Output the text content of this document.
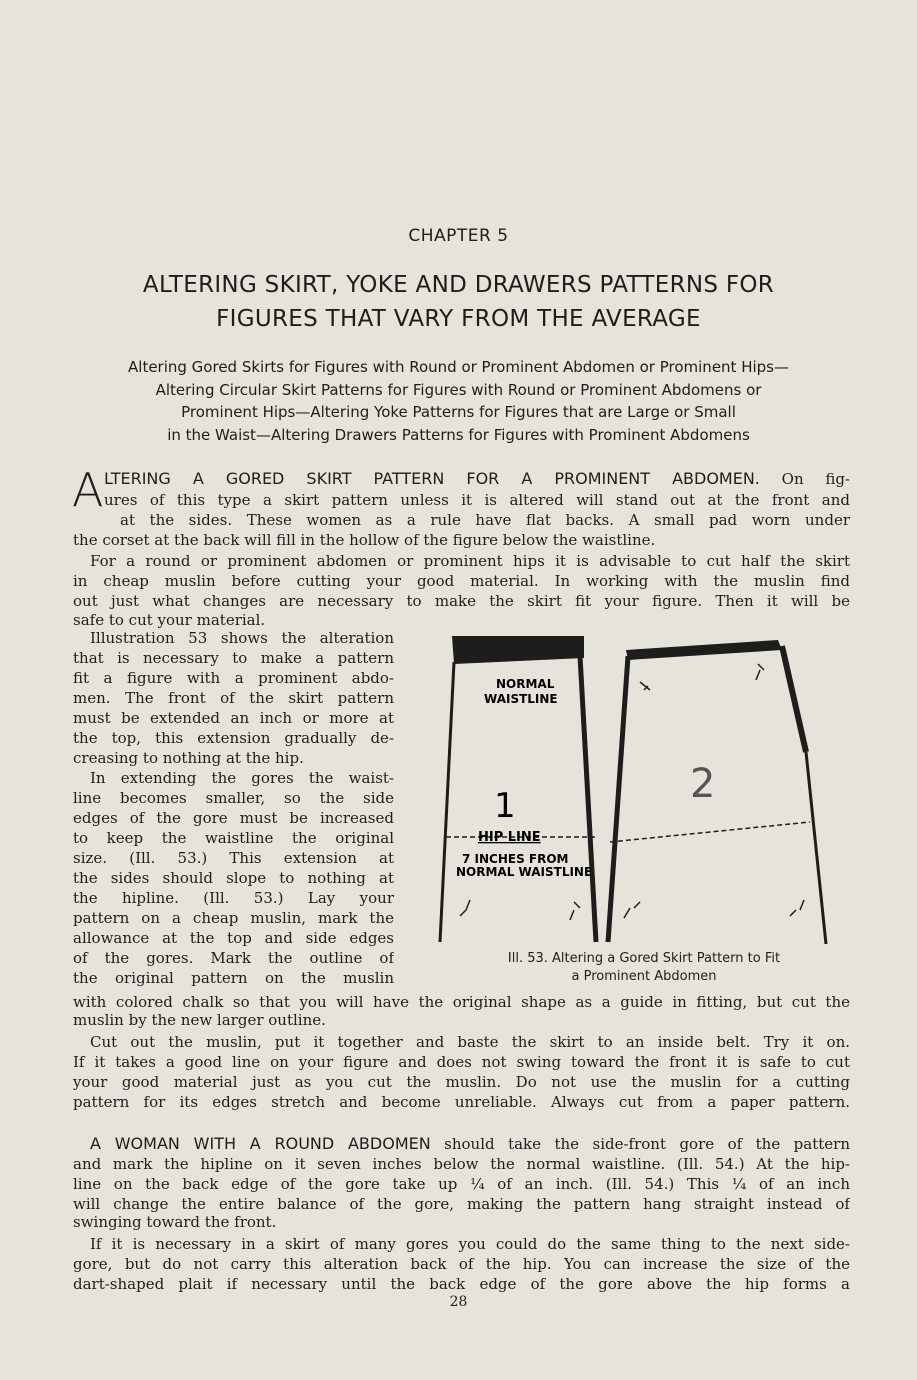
CHAPTER 5
ALTERING SKIRT, YOKE AND DRAWERS PATTERNS FOR
FIGURES THAT VARY FROM THE AVERAGE
Altering Gored Skirts for Figures with Round or Prominent Abdomen or Prominent Hips—
Altering Circular Skirt Patterns for Figures with Round or Prominent Abdomens or
Prominent Hips—Altering Yoke Patterns for Figures that are Large or Small
in the Waist—Altering Drawers Patterns for Figures with Prominent Abdomens
A LTERING A GORED SKIRT PATTERN FOR A PROMINENT ABDOMEN. On fig-
ures of this type a skirt pattern unless it is altered will stand out at the front and
at the sides. These women as a rule have flat backs. A small pad worn under
the corset at the back will fill in the hollow of the figure below the waistline.
For a round or prominent abdomen or prominent hips it is advisable to cut half the skirt
in cheap muslin before cutting your good material. In working with the muslin find
out just what changes are necessary to make the skirt fit your figure. Then it will be
safe to cut your material.
Illustration 53 shows the alteration
that is necessary to make a pattern
fit a figure with a prominent abdo-
men. The front of the skirt pattern
must be extended an inch or more at
the top, this extension gradually de-
creasing to nothing at the hip.
In extending the gores the waist-
line becomes smaller, so the side
edges of the gore must be increased
to keep the waistline the original
size. (Ill. 53.) This extension at
the sides should slope to nothing at
the hipline. (Ill. 53.) Lay your
pattern on a cheap muslin, mark the
allowance at the top and side edges
of the gores. Mark the outline of
the original pattern on the muslin
with colored chalk so that you will have the original shape as a guide in fitting, but cut the
muslin by the new larger outline.
Cut out the muslin, put it together and baste the skirt to an inside belt. Try it on.
If it takes a good line on your figure and does not swing toward the front it is safe to cut
your good material just as you cut the muslin. Do not use the muslin for a cutting
pattern for its edges stretch and become unreliable. Always cut from a paper pattern.
NORMAL
WAISTLINE
1
HIP LINE
7 INCHES FROM
NORMAL WAISTLINE
2
Ill. 53. Altering a Gored Skirt Pattern to Fit
a Prominent Abdomen
A WOMAN WITH A ROUND ABDOMEN should take the side-front gore of the pattern
and mark the hipline on it seven inches below the normal waistline. (Ill. 54.) At the hip-
line on the back edge of the gore take up ¼ of an inch. (Ill. 54.) This ¼ of an inch
will change the entire balance of the gore, making the pattern hang straight instead of
swinging toward the front.
If it is necessary in a skirt of many gores you could do the same thing to the next side-
gore, but do not carry this alteration back of the hip. You can increase the size of the
dart-shaped plait if necessary until the back edge of the gore above the hip forms a
28
